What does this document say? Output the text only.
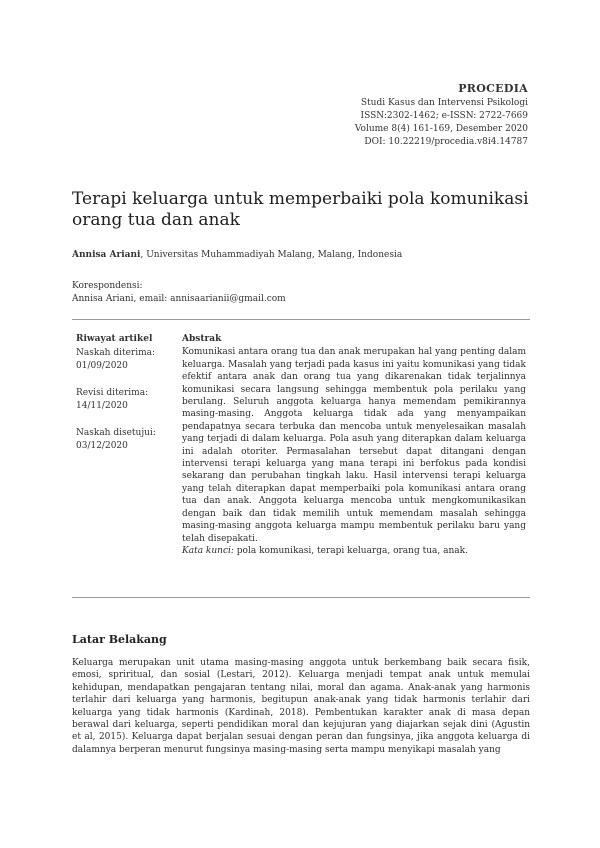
PROCEDIA
Studi Kasus dan Intervensi Psikologi
ISSN:2302-1462; e-ISSN: 2722-7669
Volume 8(4) 161-169, Desember 2020
DOI: 10.22219/procedia.v8i4.14787
Terapi keluarga untuk memperbaiki pola komunikasi
orang tua dan anak
Annisa Ariani, Universitas Muhammadiyah Malang, Malang, Indonesia
Korespondensi:
Annisa Ariani, email: annisaarianii@gmail.com
Riwayat artikel
Naskah diterima:
01/09/2020
Revisi diterima:
14/11/2020
Naskah disetujui:
03/12/2020
Abstrak
Komunikasi antara orang tua dan anak merupakan hal yang penting dalam keluarga. Masalah yang terjadi pada kasus ini yaitu komunikasi yang tidak efektif antara anak dan orang tua yang dikarenakan tidak terjalinnya komunikasi secara langsung sehingga membentuk pola perilaku yang berulang. Seluruh anggota keluarga hanya memendam pemikirannya masing-masing. Anggota keluarga tidak ada yang menyampaikan pendapatnya secara terbuka dan mencoba untuk menyelesaikan masalah yang terjadi di dalam keluarga. Pola asuh yang diterapkan dalam keluarga ini adalah otoriter. Permasalahan tersebut dapat ditangani dengan intervensi terapi keluarga yang mana terapi ini berfokus pada kondisi sekarang dan perubahan tingkah laku. Hasil intervensi terapi keluarga yang telah diterapkan dapat memperbaiki pola komunikasi antara orang tua dan anak. Anggota keluarga mencoba untuk mengkomunikasikan dengan baik dan tidak memilih untuk memendam masalah sehingga masing-masing anggota keluarga mampu membentuk perilaku baru yang telah disepakati.
Kata kunci: pola komunikasi, terapi keluarga, orang tua, anak.
Latar Belakang
Keluarga merupakan unit utama masing-masing anggota untuk berkembang baik secara fisik, emosi, spriritual, dan sosial (Lestari, 2012). Keluarga menjadi tempat anak untuk memulai kehidupan, mendapatkan pengajaran tentang nilai, moral dan agama. Anak-anak yang harmonis terlahir dari keluarga yang harmonis, begitupun anak-anak yang tidak harmonis terlahir dari keluarga yang tidak harmonis (Kardinah, 2018). Pembentukan karakter anak di masa depan berawal dari keluarga, seperti pendidikan moral dan kejujuran yang diajarkan sejak dini (Agustin et al, 2015). Keluarga dapat berjalan sesuai dengan peran dan fungsinya, jika anggota keluarga di dalamnya berperan menurut fungsinya masing-masing serta mampu menyikapi masalah yang
